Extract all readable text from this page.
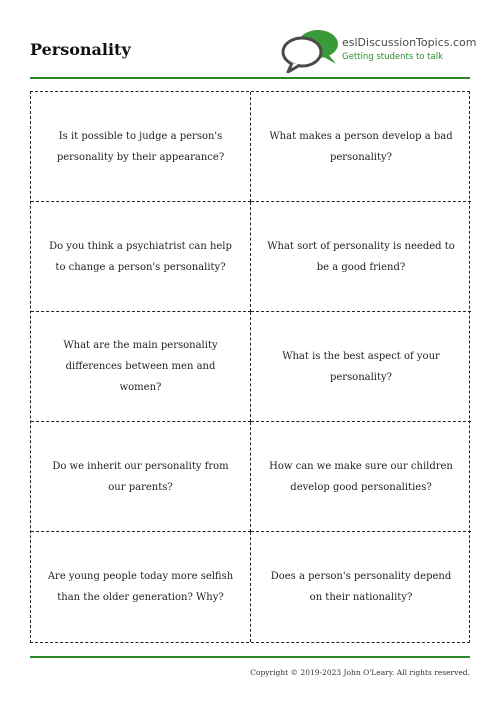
Personality	eslDiscussionTopics.com
Getting students to talk
Is it possible to judge a person's personality by their appearance?
What makes a person develop a bad personality?
Do you think a psychiatrist can help to change a person's personality?
What sort of personality is needed to be a good friend?
What are the main personality differences between men and women?
What is the best aspect of your personality?
Do we inherit our personality from our parents?
How can we make sure our children develop good personalities?
Are young people today more selfish than the older generation? Why?
Does a person's personality depend on their nationality?
Copyright © 2019-2023 John O'Leary. All rights reserved.
